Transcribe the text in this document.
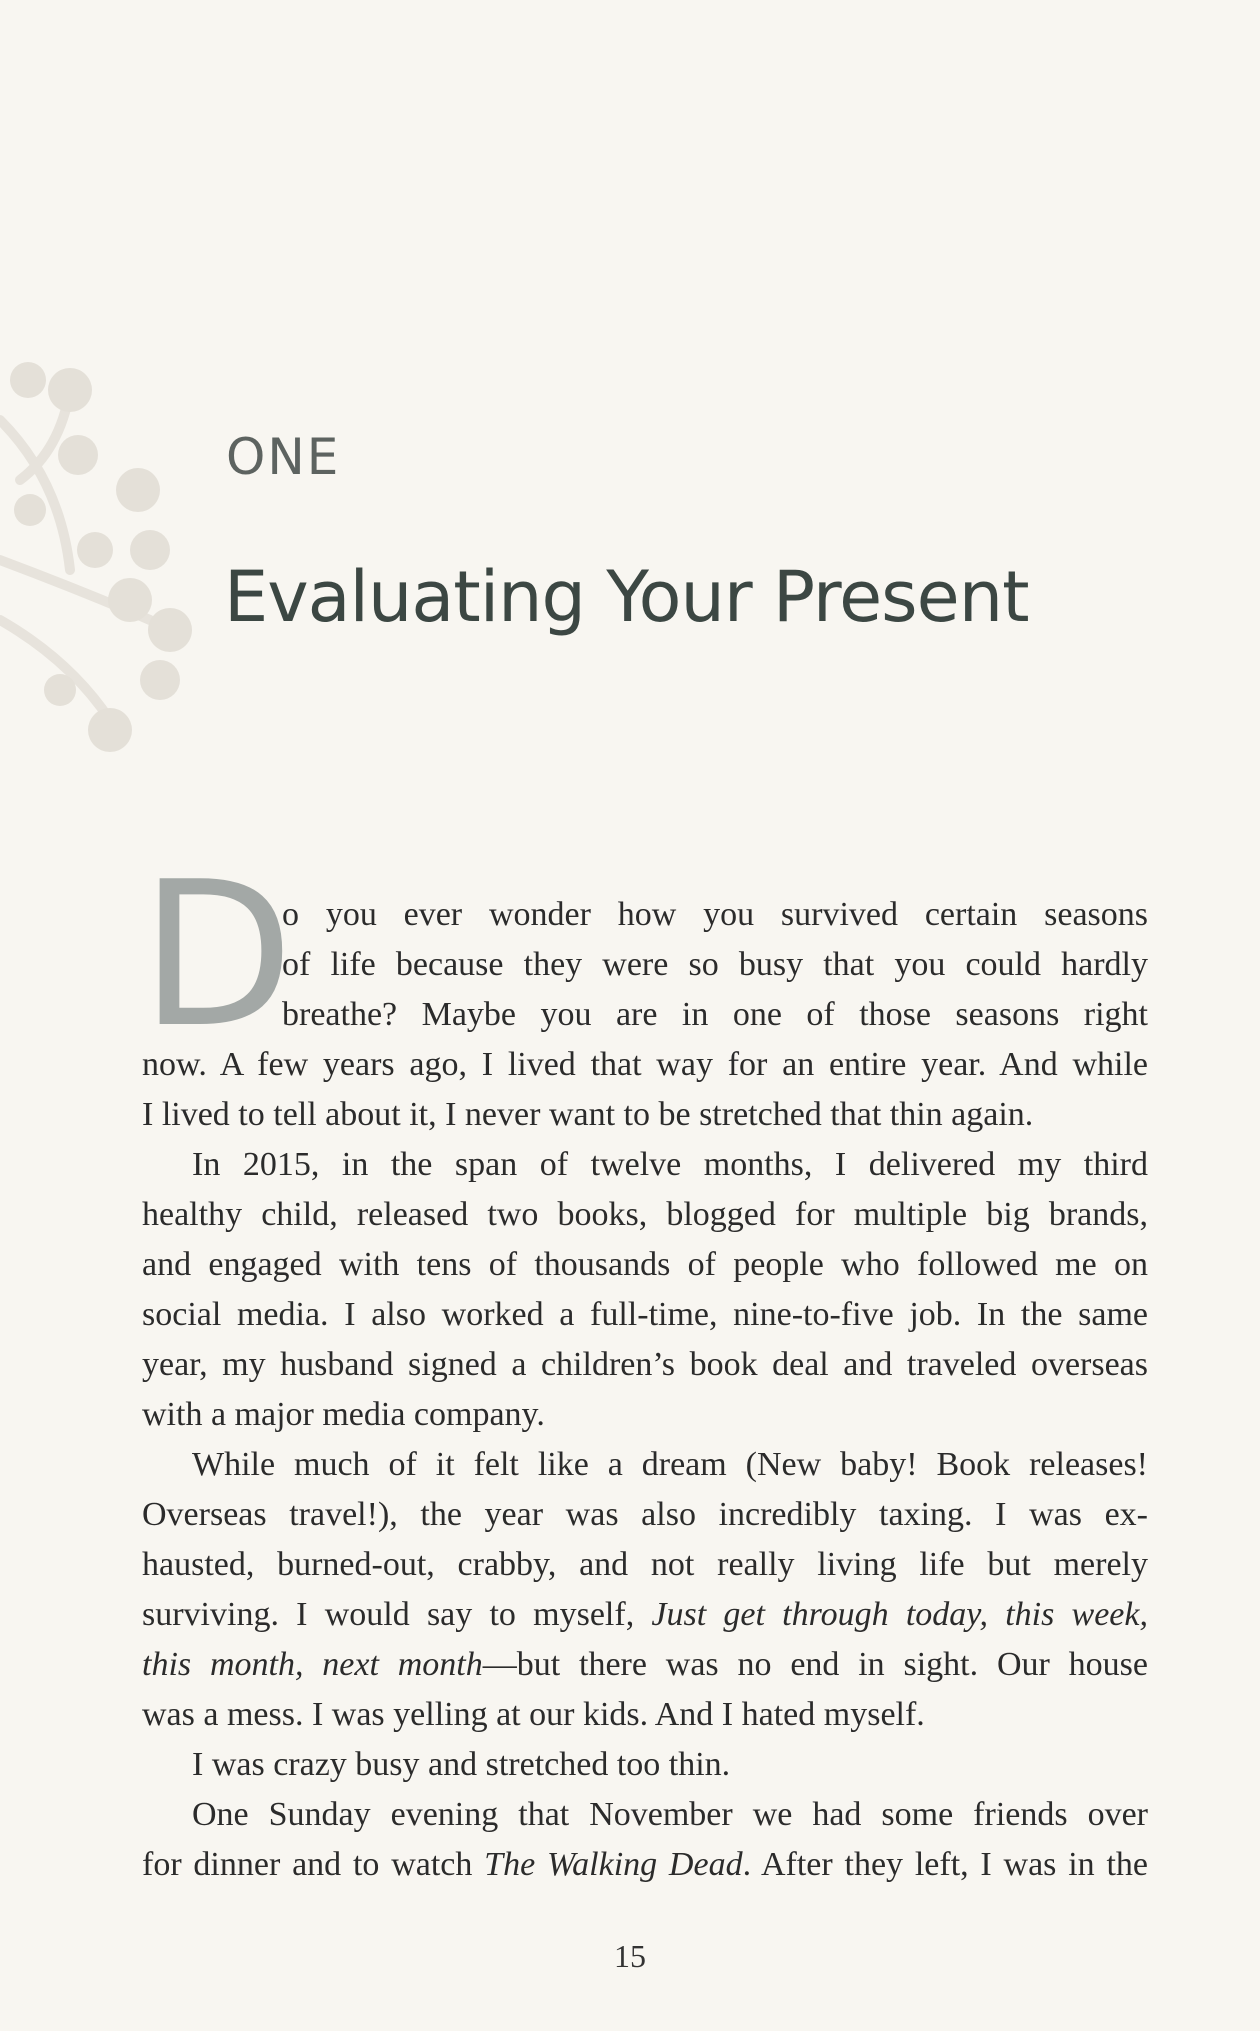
ONE
Evaluating Your Present
D
o you ever wonder how you survived certain seasons
of life because they were so busy that you could hardly
breathe? Maybe you are in one of those seasons right
now. A few years ago, I lived that way for an entire year. And while
I lived to tell about it, I never want to be stretched that thin again.
In 2015, in the span of twelve months, I delivered my third
healthy child, released two books, blogged for multiple big brands,
and engaged with tens of thousands of people who followed me on
social media. I also worked a full-time, nine-to-five job. In the same
year, my husband signed a children’s book deal and traveled overseas
with a major media company.
While much of it felt like a dream (New baby! Book releases!
Overseas travel!), the year was also incredibly taxing. I was ex-
hausted, burned-out, crabby, and not really living life but merely
surviving. I would say to myself, Just get through today, this week,
this month, next month—but there was no end in sight. Our house
was a mess. I was yelling at our kids. And I hated myself.
I was crazy busy and stretched too thin.
One Sunday evening that November we had some friends over
for dinner and to watch The Walking Dead. After they left, I was in the
15
